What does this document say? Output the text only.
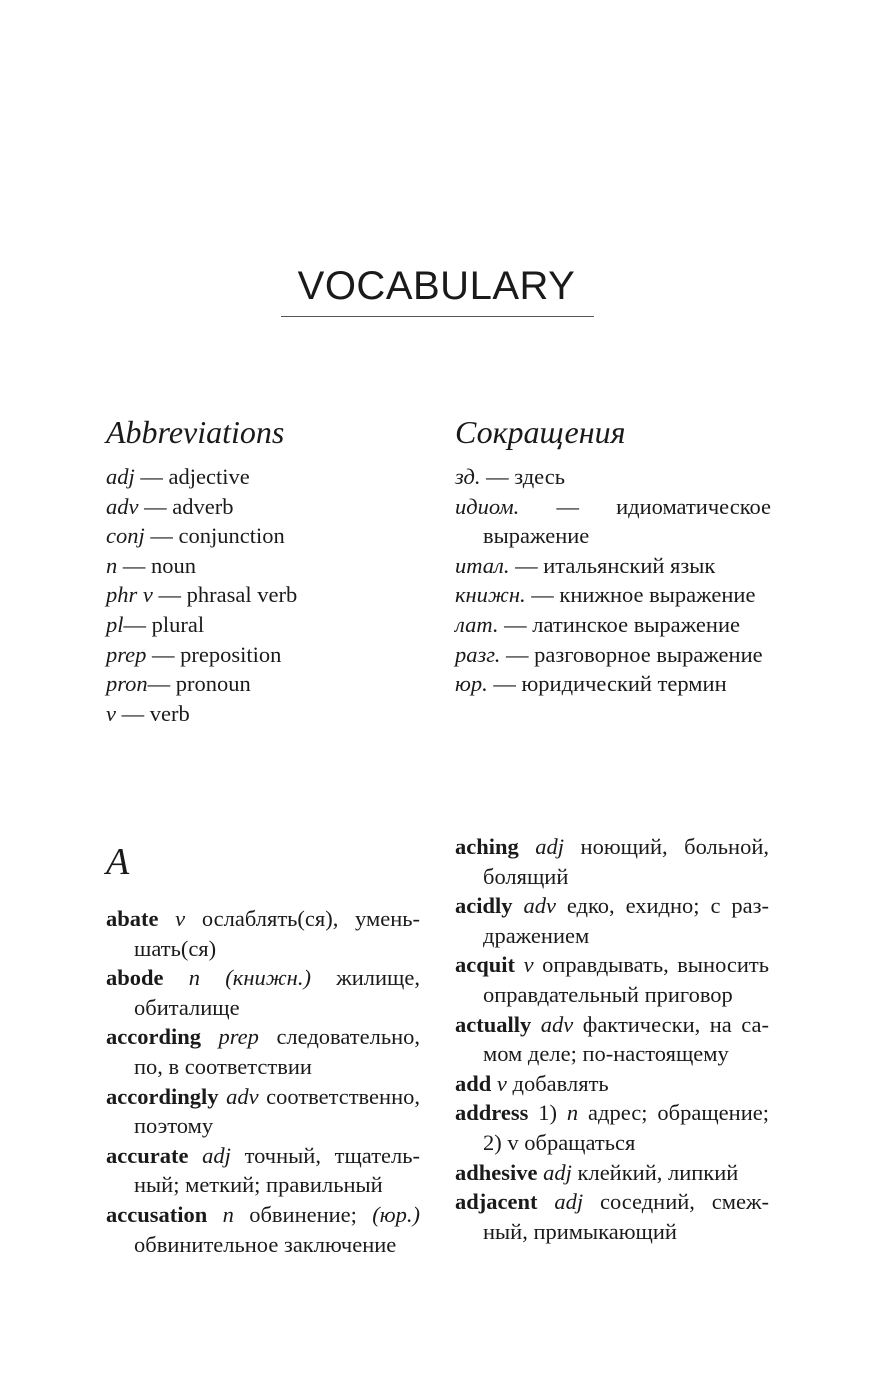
VOCABULARY
Abbreviations
adj — adjective
adv — adverb
conj — conjunction
n — noun
phr v — phrasal verb
pl— plural
prep — preposition
pron— pronoun
v — verb
Сокращения
зд. — здесь
идиом. — идиоматическое выражение
итал. — итальянский язык
книжн. — книжное выражение
лат. — латинское выражение
разг. — разговорное выражение
юр. — юридический термин
A
abate v ослаблять(ся), уменьшать(ся)
abode n (книжн.) жилище, обиталище
according prep следовательно, по, в соответствии
accordingly adv соответственно, поэтому
accurate adj точный, тщательный; меткий; правильный
accusation n обвинение; (юр.) обвинительное заключение
aching adj ноющий, больной, болящий
acidly adv едко, ехидно; с раздражением
acquit v оправдывать, выносить оправдательный приговор
actually adv фактически, на самом деле; по-настоящему
add v добавлять
address 1) n адрес; обращение; 2) v обращаться
adhesive adj клейкий, липкий
adjacent adj соседний, смежный, примыкающий
